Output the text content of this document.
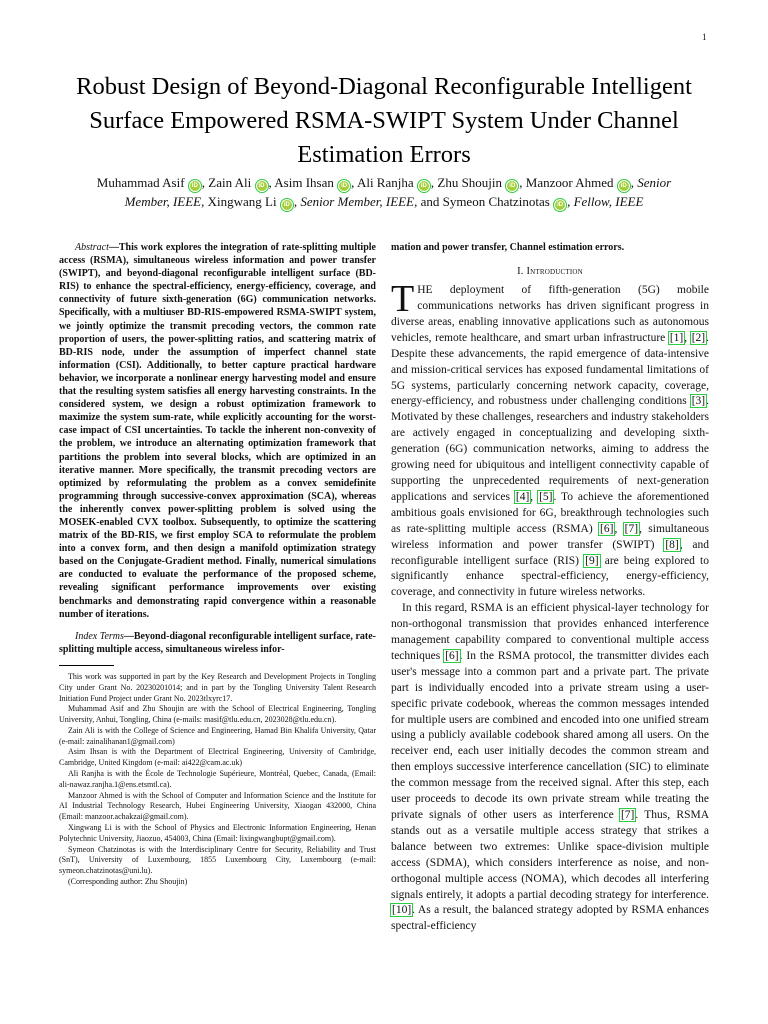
1
Robust Design of Beyond-Diagonal Reconfigurable Intelligent
Surface Empowered RSMA-SWIPT System Under Channel
Estimation Errors
Muhammad Asif iD , Zain Ali iD , Asim Ihsan iD , Ali Ranjha iD , Zhu Shoujin iD , Manzoor Ahmed iD , Senior
Member, IEEE, Xingwang Li iD , Senior Member, IEEE, and Symeon Chatzinotas iD , Fellow, IEEE

Abstract—This work explores the integration of rate-splitting multiple access (RSMA), simultaneous wireless information and power transfer (SWIPT), and beyond-diagonal reconfigurable intelligent surface (BD-RIS) to enhance the spectral-efficiency, energy-efficiency, coverage, and connectivity of future sixth-generation (6G) communication networks. Specifically, with a multiuser BD-RIS-empowered RSMA-SWIPT system, we jointly optimize the transmit precoding vectors, the common rate proportion of users, the power-splitting ratios, and scattering matrix of BD-RIS node, under the assumption of imperfect channel state information (CSI). Additionally, to better capture practical hardware behavior, we incorporate a nonlinear energy harvesting model and ensure that the resulting system satisfies all energy harvesting constraints. In the considered system, we design a robust optimization framework to maximize the system sum-rate, while explicitly accounting for the worst-case impact of CSI uncertainties. To tackle the inherent non-convexity of the problem, we introduce an alternating optimization framework that partitions the problem into several blocks, which are optimized in an iterative manner. More specifically, the transmit precoding vectors are optimized by reformulating the problem as a convex semidefinite programming through successive-convex approximation (SCA), whereas the inherently convex power-splitting problem is solved using the MOSEK-enabled CVX toolbox. Subsequently, to optimize the scattering matrix of the BD-RIS, we first employ SCA to reformulate the problem into a convex form, and then design a manifold optimization strategy based on the Conjugate-Gradient method. Finally, numerical simulations are conducted to evaluate the performance of the proposed scheme, revealing significant performance improvements over existing benchmarks and demonstrating rapid convergence within a reasonable number of iterations.

Index Terms—Beyond-diagonal reconfigurable intelligent surface, rate-splitting multiple access, simultaneous wireless infor-

This work was supported in part by the Key Research and Development Projects in Tongling City under Grant No. 20230201014; and in part by the Tongling University Talent Research Initiation Fund Project under Grant No. 2023tlxyrc17.

Muhammad Asif and Zhu Shoujin are with the School of Electrical Engineering, Tongling University, Anhui, Tongling, China (e-mails: masif@tlu.edu.cn, 2023028@tlu.edu.cn).

Zain Ali is with the College of Science and Engineering, Hamad Bin Khalifa University, Qatar (e-mail: zainalihanan1@gmail.com)

Asim Ihsan is with the Department of Electrical Engineering, University of Cambridge, Cambridge, United Kingdom (e-mail: ai422@cam.ac.uk)

Ali Ranjha is with the École de Technologie Supérieure, Montréal, Quebec, Canada, (Email: ali-nawaz.ranjha.1@ens.etsmtl.ca).

Manzoor Ahmed is with the School of Computer and Information Science and the Institute for AI Industrial Technology Research, Hubei Engineering University, Xiaogan 432000, China (Email: manzoor.achakzai@gmail.com).

Xingwang Li is with the School of Physics and Electronic Information Engineering, Henan Polytechnic University, Jiaozuo, 454003, China (Email: lixingwangbupt@gmail.com).

Symeon Chatzinotas is with the Interdisciplinary Centre for Security, Reliability and Trust (SnT), University of Luxembourg, 1855 Luxembourg City, Luxembourg (e-mail: symeon.chatzinotas@uni.lu).

(Corresponding author: Zhu Shoujin)

mation and power transfer, Channel estimation errors.

I. Introduction

THE deployment of fifth-generation (5G) mobile communications networks has driven significant progress in diverse areas, enabling innovative applications such as autonomous vehicles, remote healthcare, and smart urban infrastructure [1], [2]. Despite these advancements, the rapid emergence of data-intensive and mission-critical services has exposed fundamental limitations of 5G systems, particularly concerning network capacity, coverage, energy-efficiency, and robustness under challenging conditions [3]. Motivated by these challenges, researchers and industry stakeholders are actively engaged in conceptualizing and developing sixth-generation (6G) communication networks, aiming to address the growing need for ubiquitous and intelligent connectivity capable of supporting the unprecedented requirements of next-generation applications and services [4], [5]. To achieve the aforementioned ambitious goals envisioned for 6G, breakthrough technologies such as rate-splitting multiple access (RSMA) [6], [7], simultaneous wireless information and power transfer (SWIPT) [8], and reconfigurable intelligent surface (RIS) [9] are being explored to significantly enhance spectral-efficiency, energy-efficiency, coverage, and connectivity in future wireless networks.

In this regard, RSMA is an efficient physical-layer technology for non-orthogonal transmission that provides enhanced interference management capability compared to conventional multiple access techniques [6]. In the RSMA protocol, the transmitter divides each user's message into a common part and a private part. The private part is individually encoded into a private stream using a user-specific private codebook, whereas the common messages intended for multiple users are combined and encoded into one unified stream using a publicly available codebook shared among all users. On the receiver end, each user initially decodes the common stream and then employs successive interference cancellation (SIC) to eliminate the common message from the received signal. After this step, each user proceeds to decode its own private stream while treating the private signals of other users as interference [7]. Thus, RSMA stands out as a versatile multiple access strategy that strikes a balance between two extremes: Unlike space-division multiple access (SDMA), which considers interference as noise, and non-orthogonal multiple access (NOMA), which decodes all interfering signals entirely, it adopts a partial decoding strategy for interference. [10]. As a result, the balanced strategy adopted by RSMA enhances spectral-efficiency
